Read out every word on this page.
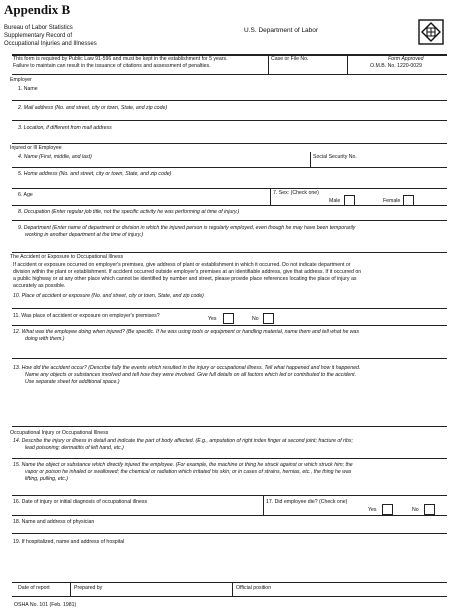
Appendix B
Bureau of Labor Statistics
Supplementary Record of
Occupational Injuries and Illnesses
U.S. Department of Labor
This form is required by Public Law 91-596 and must be kept in the establishment for 5 years.
Failure to maintain can result in the issuance of citations and assessment of penalties.
Case or File No.	Form Approved
O.M.B. No. 1220-0029
Employer
1. Name
2. Mail address (No. and street, city or town, State, and zip code)
3. Location, if different from mail address
Injured or Ill Employee
4. Name (First, middle, and last)	Social Security No.
5. Home address (No. and street, city or town, State, and zip code)
6. Age	7. Sex: (Check one)
Male	Female
8. Occupation (Enter regular job title, not the specific activity he was performing at time of injury.)
9. Department (Enter name of department or division in which the injured person is regularly employed, even though he may have been temporarily
working in another department at the time of injury.)
The Accident or Exposure to Occupational Illness
If accident or exposure occurred on employer's premises, give address of plant or establishment in which it occurred. Do not indicate department or
division within the plant or establishment. If accident occurred outside employer's premises at an identifiable address, give that address. If it occurred on
a public highway or at any other place which cannot be identified by number and street, please provide place references locating the place of injury as
accurately as possible.
10. Place of accident or exposure (No. and street, city or town, State, and zip code)
11. Was place of accident or exposure on employer's premises?	Yes	No
12. What was the employee doing when injured? (Be specific. If he was using tools or equipment or handling material, name them and tell what he was
doing with them.)
13. How did the accident occur? (Describe fully the events which resulted in the injury or occupational illness. Tell what happened and how it happened.
Name any objects or substances involved and tell how they were involved. Give full details on all factors which led or contributed to the accident.
Use separate sheet for additional space.)
Occupational Injury or Occupational Illness
14. Describe the injury or illness in detail and indicate the part of body affected. (E.g., amputation of right index finger at second joint; fracture of ribs;
lead poisoning; dermatitis of left hand, etc.)
15. Name the object or substance which directly injured the employee. (For example, the machine or thing he struck against or which struck him; the
vapor or poison he inhaled or swallowed; the chemical or radiation which irritated his skin; or in cases of strains, hernias, etc., the thing he was
lifting, pulling, etc.)
16. Date of injury or initial diagnosis of occupational illness	17. Did employee die? (Check one)
Yes	No
18. Name and address of physician
19. If hospitalized, name and address of hospital
Date of report	Prepared by	Official position
OSHA No. 101 (Feb. 1981)
